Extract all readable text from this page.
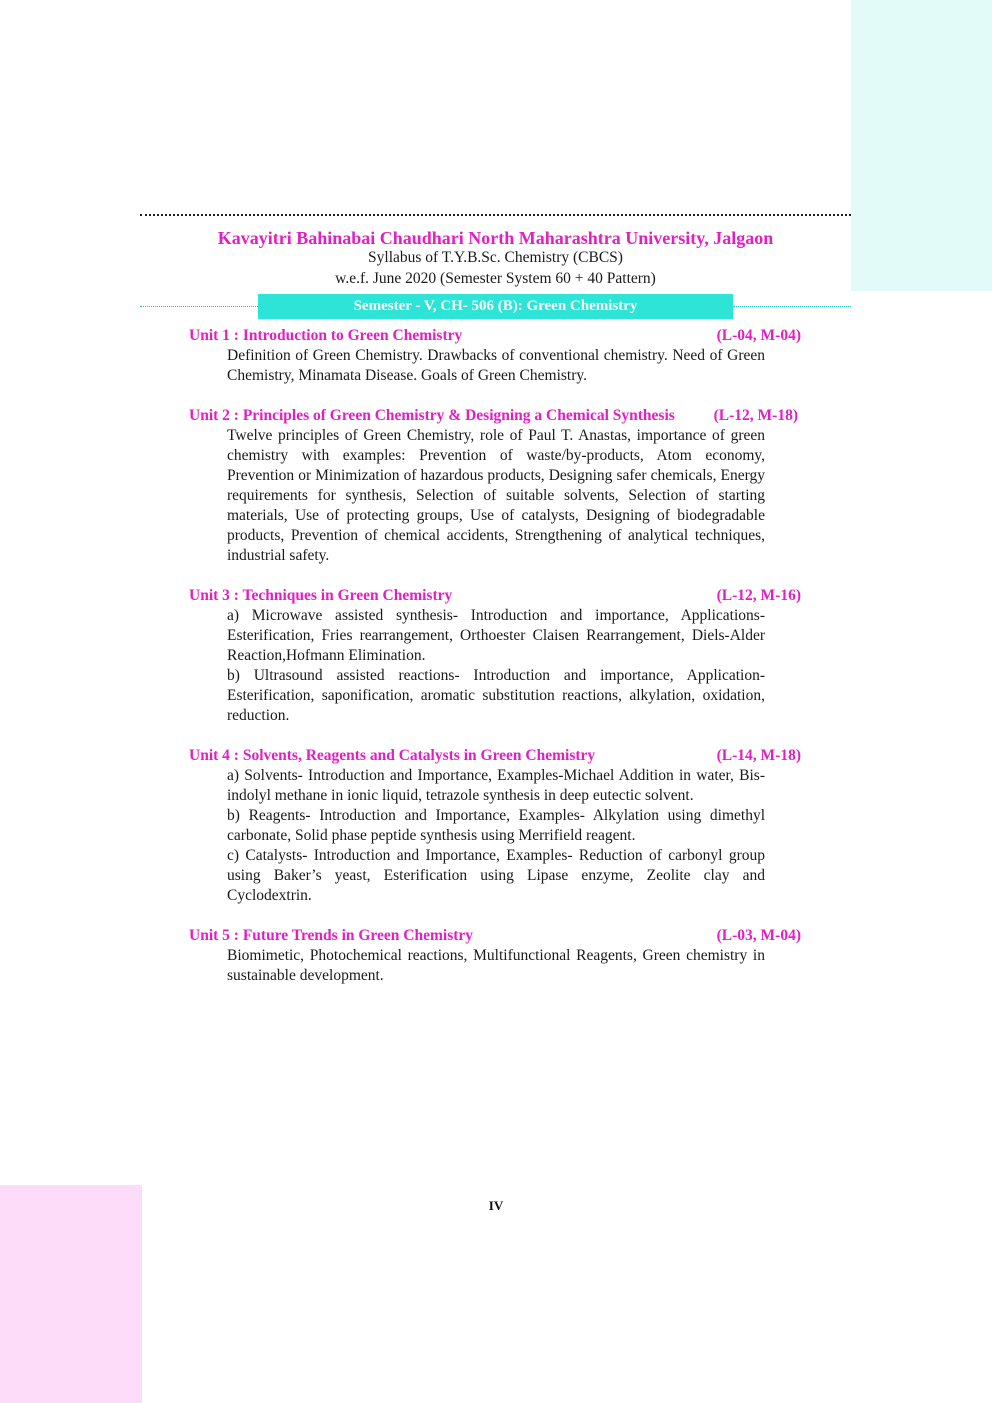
Kavayitri Bahinabai Chaudhari North Maharashtra University, Jalgaon
Syllabus of T.Y.B.Sc. Chemistry (CBCS)
w.e.f. June 2020 (Semester System 60 + 40 Pattern)
Semester - V, CH- 506 (B): Green Chemistry
Unit 1 : Introduction to Green Chemistry	(L-04, M-04)

Definition of Green Chemistry. Drawbacks of conventional chemistry. Need of Green Chemistry, Minamata Disease. Goals of Green Chemistry.

Unit 2 : Principles of Green Chemistry & Designing a Chemical Synthesis	(L-12, M-18)

Twelve principles of Green Chemistry, role of Paul T. Anastas, importance of green chemistry with examples: Prevention of waste/by-products, Atom economy, Prevention or Minimization of hazardous products, Designing safer chemicals, Energy requirements for synthesis, Selection of suitable solvents, Selection of starting materials, Use of protecting groups, Use of catalysts, Designing of biodegradable products, Prevention of chemical accidents, Strengthening of analytical techniques, industrial safety.

Unit 3 : Techniques in Green Chemistry	(L-12, M-16)

a) Microwave assisted synthesis- Introduction and importance, Applications- Esterification, Fries rearrangement, Orthoester Claisen Rearrangement, Diels-Alder Reaction,Hofmann Elimination.

b) Ultrasound assisted reactions- Introduction and importance, Application- Esterification, saponification, aromatic substitution reactions, alkylation, oxidation, reduction.

Unit 4 : Solvents, Reagents and Catalysts in Green Chemistry	(L-14, M-18)

a) Solvents- Introduction and Importance, Examples-Michael Addition in water, Bis-indolyl methane in ionic liquid, tetrazole synthesis in deep eutectic solvent.

b) Reagents- Introduction and Importance, Examples- Alkylation using dimethyl carbonate, Solid phase peptide synthesis using Merrifield reagent.

c) Catalysts- Introduction and Importance, Examples- Reduction of carbonyl group using Baker’s yeast, Esterification using Lipase enzyme, Zeolite clay and Cyclodextrin.

Unit 5 : Future Trends in Green Chemistry	(L-03, M-04)

Biomimetic, Photochemical reactions, Multifunctional Reagents, Green chemistry in sustainable development.

IV
